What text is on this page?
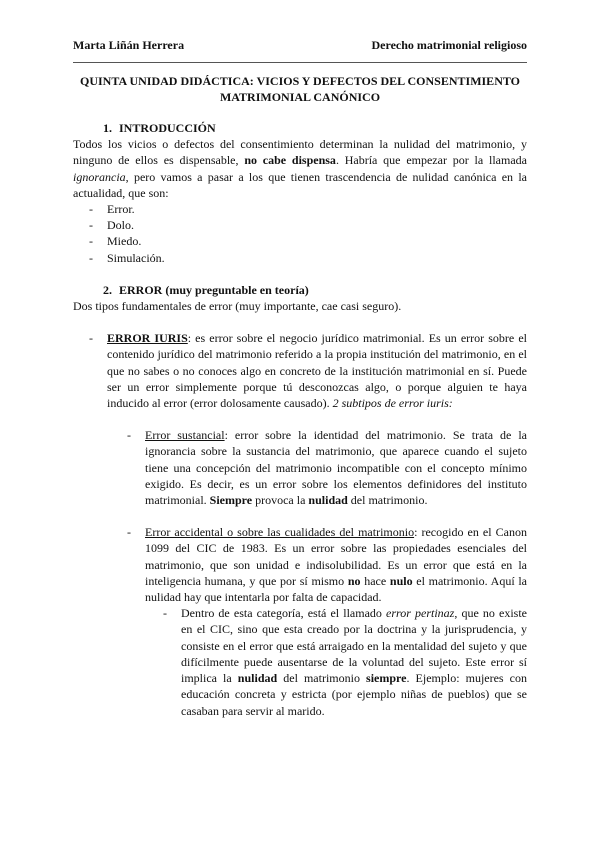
Marta Liñán Herrera	Derecho matrimonial religioso
QUINTA UNIDAD DIDÁCTICA: VICIOS Y DEFECTOS DEL CONSENTIMIENTO MATRIMONIAL CANÓNICO
1. INTRODUCCIÓN

Todos los vicios o defectos del consentimiento determinan la nulidad del matrimonio, y ninguno de ellos es dispensable, no cabe dispensa. Habría que empezar por la llamada ignorancia, pero vamos a pasar a los que tienen trascendencia de nulidad canónica en la actualidad, que son:

- Error.
- Dolo.
- Miedo.
- Simulación.
2. ERROR (muy preguntable en teoría)

Dos tipos fundamentales de error (muy importante, cae casi seguro).

- ERROR IURIS: es error sobre el negocio jurídico matrimonial. Es un error sobre el contenido jurídico del matrimonio referido a la propia institución del matrimonio, en el que no sabes o no conoces algo en concreto de la institución matrimonial en sí. Puede ser un error simplemente porque tú desconozcas algo, o porque alguien te haya inducido al error (error dolosamente causado). 2 subtipos de error iuris:
- Error sustancial: error sobre la identidad del matrimonio. Se trata de la ignorancia sobre la sustancia del matrimonio, que aparece cuando el sujeto tiene una concepción del matrimonio incompatible con el concepto mínimo exigido. Es decir, es un error sobre los elementos definidores del instituto matrimonial. Siempre provoca la nulidad del matrimonio.
- Error accidental o sobre las cualidades del matrimonio: recogido en el Canon 1099 del CIC de 1983. Es un error sobre las propiedades esenciales del matrimonio, que son unidad e indisolubilidad. Es un error que está en la inteligencia humana, y que por sí mismo no hace nulo el matrimonio. Aquí la nulidad hay que intentarla por falta de capacidad.
- Dentro de esta categoría, está el llamado error pertinaz, que no existe en el CIC, sino que esta creado por la doctrina y la jurisprudencia, y consiste en el error que está arraigado en la mentalidad del sujeto y que difícilmente puede ausentarse de la voluntad del sujeto. Este error sí implica la nulidad del matrimonio siempre. Ejemplo: mujeres con educación concreta y estricta (por ejemplo niñas de pueblos) que se casaban para servir al marido.
